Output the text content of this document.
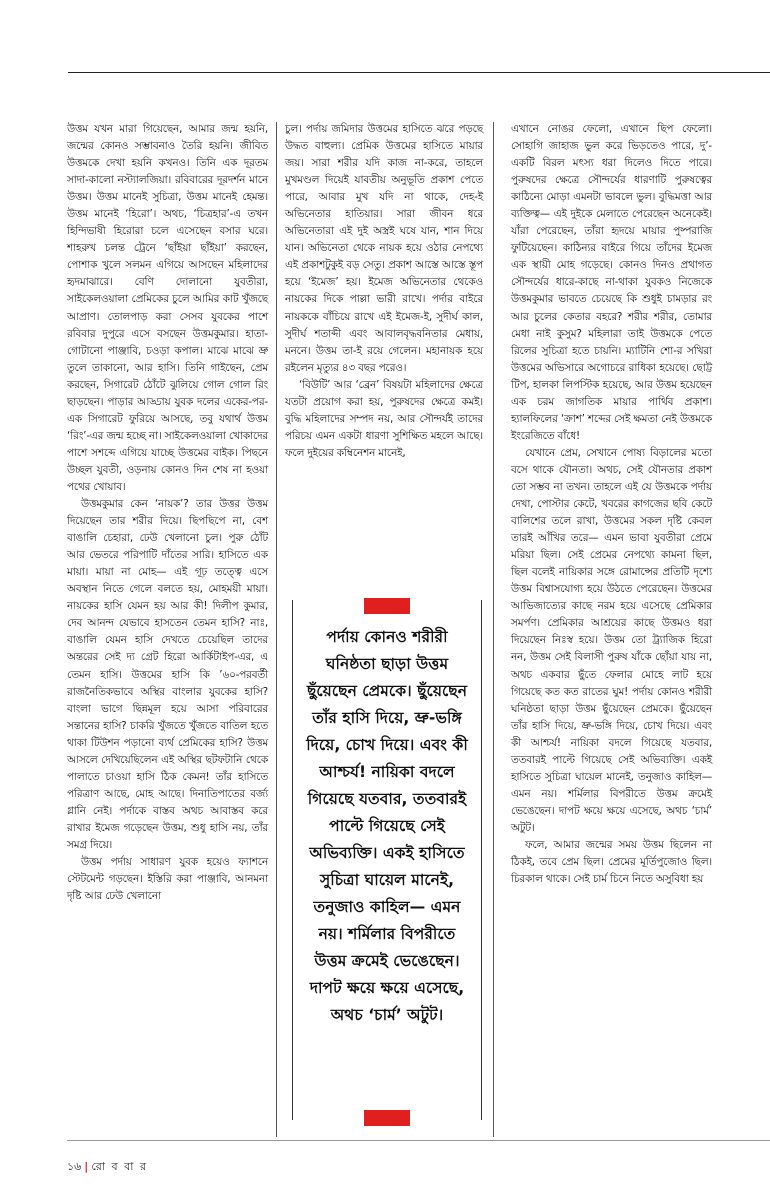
উত্তম যখন মারা গিয়েছেন, আমার জন্ম হয়নি, জন্মের কোনও সম্ভাবনাও তৈরি হয়নি। জীবিত উত্তমকে দেখা হয়নি কখনও। তিনি এক দূরতম সাদা-কালো নস্ট্যালজিয়া। রবিবারের দূরদর্শন মানে উত্তম। উত্তম মানেই সুচিত্রা, উত্তম মানেই হেমন্ত। উত্তম মানেই ‘হিরো’। অথচ, ‘চিত্রহার’-এ তখন হিন্দিভাষী হিরোরা চলে এসেছেন বসার ঘরে। শাহরুখ চলন্ত ট্রেনে ‘ছাঁইয়া ছাঁইয়া’ করছেন, পোশাক খুলে সলমন এগিয়ে আসছেন মহিলাদের হৃদমাঝারে। বেণি দোলানো যুবতীরা, সাইকেলওয়ালা প্রেমিকের চুলে আমির কাট খুঁজছে আপ্রাণ। তোলপাড় করা সেসব যুবকের পাশে রবিবার দুপুরে এসে বসছেন উত্তমকুমার। হাতা-গোটানো পাঞ্জাবি, চওড়া কপাল। মাঝে মাঝে ভ্রু তুলে তাকানো, আর হাসি। তিনি গাইছেন, প্রেম করছেন, সিগারেট ঠোঁটে ঝুলিয়ে গোল গোল রিং ছাড়ছেন। পাড়ার আড্ডায় যুবক দলের একের-পর-এক সিগারেট ফুরিয়ে আসছে, তবু যথার্থ উত্তম ‘রিং’-এর জন্ম হচ্ছে না। সাইকেলওয়ালা খোকাদের পাশে সশব্দে এগিয়ে যাচ্ছে উত্তমের বাইক। পিছনে উচ্ছল যুবতী, ওড়নায় কোনও দিন শেষ না হওয়া পথের খোয়াব।

উত্তমকুমার কেন ‘নায়ক’? তার উত্তর উত্তম দিয়েছেন তার শরীর দিয়ে। ছিপছিপে না, বেশ বাঙালি চেহারা, ঢেউ খেলানো চুল। পুরু ঠোঁট আর ভেতরে পরিপাটি দাঁতের সারি। হাসিতে এক মায়া। মায়া না মোহ— এই গূঢ় তত্ত্বে এসে অবস্থান নিতে গেলে বলতে হয়, মোহময়ী মায়া। নায়কের হাসি যেমন হয় আর কী! দিলীপ কুমার, দেব আনন্দ যেভাবে হাসতেন তেমন হাসি? নাঃ, বাঙালি যেমন হাসি দেখতে চেয়েছিল তাদের অন্তরের সেই দ্য গ্রেট হিরো আর্কিটাইপ-এর, এ তেমন হাসি। উত্তমের হাসি কি ’৬০-পরবর্তী রাজনৈতিকভাবে অস্থির বাংলার যুবকের হাসি? বাংলা ভাগে ছিন্নমূল হয়ে আসা পরিবারের সন্তানের হাসি? চাকরি খুঁজতে খুঁজতে বাতিল হতে থাকা টিউশন পড়ানো ব্যর্থ প্রেমিকের হাসি? উত্তম আসলে দেখিয়েছিলেন এই অস্থির ছটফটানি থেকে পালাতে চাওয়া হাসি ঠিক কেমন! তাঁর হাসিতে পরিত্রাণ আছে, মোহ আছে। দিনাতিপাতের বর্জ্য গ্লানি নেই। পর্দাকে বাস্তব অথচ আবাস্তব করে রাখার ইমেজ গড়েছেন উত্তম, শুধু হাসি নয়, তাঁর সমগ্র দিয়ে।

উত্তম পর্দায় সাধারণ যুবক হয়েও ফ্যাশনে স্টেটমেন্ট গড়ছেন। ইস্তিরি করা পাঞ্জাবি, আনমনা দৃষ্টি আর ঢেউ খেলানো

চুল। পর্দায় জমিদার উত্তমের হাসিতে ঝরে পড়ছে উদ্ধত বাহুল্য। প্রেমিক উত্তমের হাসিতে মায়ার জয়। সারা শরীর যদি কাজ না-করে, তাহলে মুখমণ্ডল দিয়েই যাবতীয় অনুভূতি প্রকাশ পেতে পারে, আবার মুখ যদি না থাকে, দেহ-ই অভিনেতার হাতিয়ার। সারা জীবন ধরে অভিনেতারা এই দুই অস্ত্রই ঘষে যান, শান দিয়ে যান। অভিনেতা থেকে নায়ক হয়ে ওঠার নেপথ্যে এই প্রকাশটুকুই বড় সেতু। প্রকাশ আস্তে আস্তে স্তূপ হয়ে ‘ইমেজ’ হয়। ইমেজ অভিনেতার থেকেও নায়কের দিকে পাল্লা ভারী রাখে। পর্দার বাইরে নায়ককে বাঁচিয়ে রাখে এই ইমেজ-ই, সুদীর্ঘ কাল, সুদীর্ঘ শতাব্দী এবং আবালবৃদ্ধবনিতার মেধায়, মননে। উত্তম তা-ই রয়ে গেলেন। মহানায়ক হয়ে রইলেন মৃত্যুর ৪৩ বছর পরেও।

‘বিউটি’ আর ‘ব্রেন’ বিষয়টা মহিলাদের ক্ষেত্রে যতটা প্রয়োগ করা হয়, পুরুষদের ক্ষেত্রে কমই। বুদ্ধি মহিলাদের সম্পদ নয়, আর সৌন্দর্যই তাদের পরিচয় এমন একটা ধারণা সুশিক্ষিত মহলে আছে। ফলে দুইয়ের কম্বিনেশন মানেই,

এখানে নোঙর ফেলো, এখানে ছিপ ফেলো। সোহাগি জাহাজ ভুল করে ভিড়তেও পারে, দু’-একটি বিরল মৎস্য ধরা দিলেও দিতে পারে। পুরুষদের ক্ষেত্রে সৌন্দর্যের ধারণাটি পুরুষত্বের কাঠিন্যে মোড়া এমনটা ভাবলে ভুল। বুদ্ধিমত্তা আর ব্যক্তিত্ব— এই দুইকে মেলাতে পেরেছেন অনেকেই। যাঁরা পেরেছেন, তাঁরা হৃদয়ে মায়ার পুষ্পরাজি ফুটিয়েছেন। কাঠিন্যর বাইরে গিয়ে তাঁদের ইমেজ এক স্থায়ী মোহ গড়েছে। কোনও দিনও প্রথাগত সৌন্দর্যের ধারে-কাছে না-থাকা যুবকও নিজেকে উত্তমকুমার ভাবতে চেয়েছে কি শুধুই চামড়ার রং আর চুলের কেতার বহরে? শরীর শরীর, তোমার মেধা নাই কুসুম? মহিলারা তাই উত্তমকে পেতে রিলের সুচিত্রা হতে চায়নি। ম্যাটিনি শো-র সখিরা উত্তমের অভিসারে অগোচরে রাধিকা হয়েছে। ছোট্ট টিপ, হালকা লিপস্টিক হয়েছে, আর উত্তম হয়েছেন এক চরম জাগতিক মায়ার পার্থিব প্রকাশ। হ্যালফিলের ‘ক্রাশ’ শব্দের সেই ক্ষমতা নেই উত্তমকে ইংরেজিতে বাঁধে!

যেখানে প্রেম, সেখানে পোষ্য বিড়ালের মতো বসে থাকে যৌনতা। অথচ, সেই যৌনতার প্রকাশ তো সম্ভব না তখন। তাহলে এই যে উত্তমকে পর্দায় দেখা, পোস্টার কেটে, খবরের কাগজের ছবি কেটে বালিশের তলে রাখা, উত্তমের সকল দৃষ্টি কেবল তারই আঁখির তরে— এমন ভাবা যুবতীরা প্রেমে মরিয়া ছিল। সেই প্রেমের নেপথ্যে কামনা ছিল, ছিল বলেই নায়িকার সঙ্গে রোমান্সের প্রতিটি দৃশ্যে উত্তম বিশ্বাসযোগ্য হয়ে উঠতে পেরেছেন। উত্তমের আভিজাত্যের কাছে নরম হয়ে এসেছে প্রেমিকার সমর্পণ। প্রেমিকার আশ্রয়ের কাছে উত্তমও ধরা দিয়েছেন নিঃস্ব হয়ে। উত্তম তো ট্র্যাজিক হিরো নন, উত্তম সেই বিলাসী পুরুষ যাঁকে ছোঁয়া যায় না, অথচ একবার ছুঁতে ফেলার মোহে লাট হয়ে গিয়েছে কত কত রাতের ঘুম! পর্দায় কোনও শরীরী ঘনিষ্ঠতা ছাড়া উত্তম ছুঁয়েছেন প্রেমকে। ছুঁয়েছেন তাঁর হাসি দিয়ে, ভ্রু-ভঙ্গি দিয়ে, চোখ দিয়ে। এবং কী আশ্চর্য! নায়িকা বদলে গিয়েছে যতবার, ততবারই পাল্টে গিয়েছে সেই অভিব্যক্তি। একই হাসিতে সুচিত্রা ঘায়েল মানেই, তনুজাও কাহিল— এমন নয়। শর্মিলার বিপরীতে উত্তম ক্রমেই ভেঙেছেন। দাপট ক্ষয়ে ক্ষয়ে এসেছে, অথচ ‘চার্ম’ অটুট।

ফলে, আমার জন্মের সময় উত্তম ছিলেন না ঠিকই, তবে প্রেম ছিল। প্রেমের মূর্তিপুজোও ছিল। চিরকাল থাকে। সেই চার্ম চিনে নিতে অসুবিধা হয়

পর্দায় কোনও শরীরী ঘনিষ্ঠতা ছাড়া উত্তম ছুঁয়েছেন প্রেমকে। ছুঁয়েছেন তাঁর হাসি দিয়ে, ভ্রু-ভঙ্গি দিয়ে, চোখ দিয়ে। এবং কী আশ্চর্য! নায়িকা বদলে গিয়েছে যতবার, ততবারই পাল্টে গিয়েছে সেই অভিব্যক্তি। একই হাসিতে সুচিত্রা ঘায়েল মানেই, তনুজাও কাহিল— এমন নয়। শর্মিলার বিপরীতে উত্তম ক্রমেই ভেঙেছেন। দাপট ক্ষয়ে ক্ষয়ে এসেছে, অথচ ‘চার্ম’ অটুট।
১৬ | রো ব বা র
